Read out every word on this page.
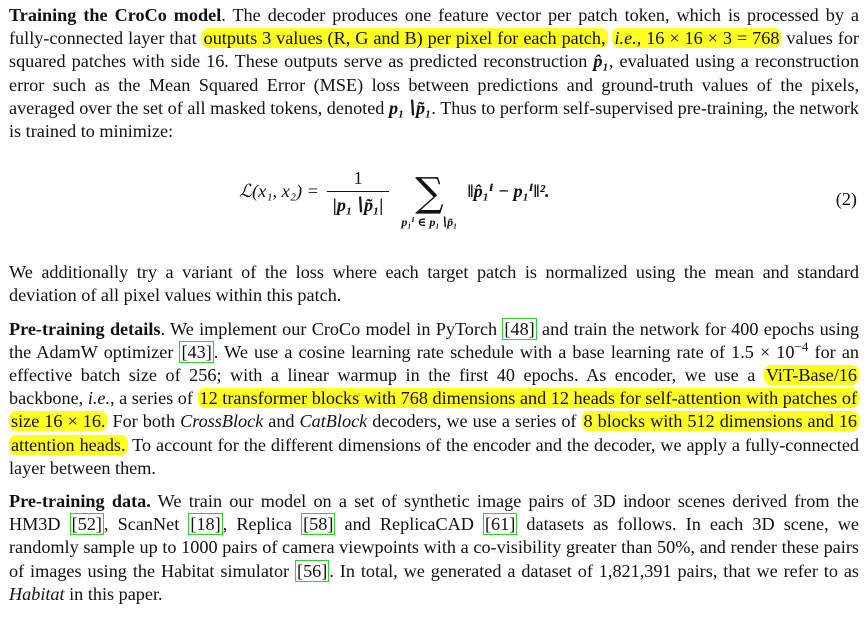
Training the CroCo model. The decoder produces one feature vector per patch token, which is processed by a fully-connected layer that outputs 3 values (R, G and B) per pixel for each patch, i.e., 16 × 16 × 3 = 768 values for squared patches with side 16. These outputs serve as predicted reconstruction p̂₁, evaluated using a reconstruction error such as the Mean Squared Error (MSE) loss between predictions and ground-truth values of the pixels, averaged over the set of all masked tokens, denoted p₁∖p̃₁. Thus to perform self-supervised pre-training, the network is trained to minimize:

ℒ(x₁, $x_2) = \frac{1}{\text{|p₁∖p̃₁|}}$ ∑
p₁ⁱ ∈ p₁∖p̃₁
‖p̂₁ⁱ − p₁ⁱ‖².	(2)

We additionally try a variant of the loss where each target patch is normalized using the mean and standard deviation of all pixel values within this patch.

Pre-training details. We implement our CroCo model in PyTorch [48] and train the network for 400 epochs using the AdamW optimizer [43] . We use a cosine learning rate schedule with a base learning rate of $1.5 \times 10^{-4}$ for an effective batch size of 256; with a linear warmup in the first 40 epochs. As encoder, we use a ViT-Base/16 backbone, i.e., a series of 12 transformer blocks with 768 dimensions and 12 heads for self-attention with patches of size 16 × 16. For both CrossBlock and CatBlock decoders, we use a series of 8 blocks with 512 dimensions and 16 attention heads. To account for the different dimensions of the encoder and the decoder, we apply a fully-connected layer between them.

Pre-training data. We train our model on a set of synthetic image pairs of 3D indoor scenes derived from the HM3D [52] , ScanNet [18] , Replica [58] and ReplicaCAD [61] datasets as follows. In each 3D scene, we randomly sample up to 1000 pairs of camera viewpoints with a co-visibility greater than 50%, and render these pairs of images using the Habitat simulator [56] . In total, we generated a dataset of 1,821,391 pairs, that we refer to as Habitat in this paper.
